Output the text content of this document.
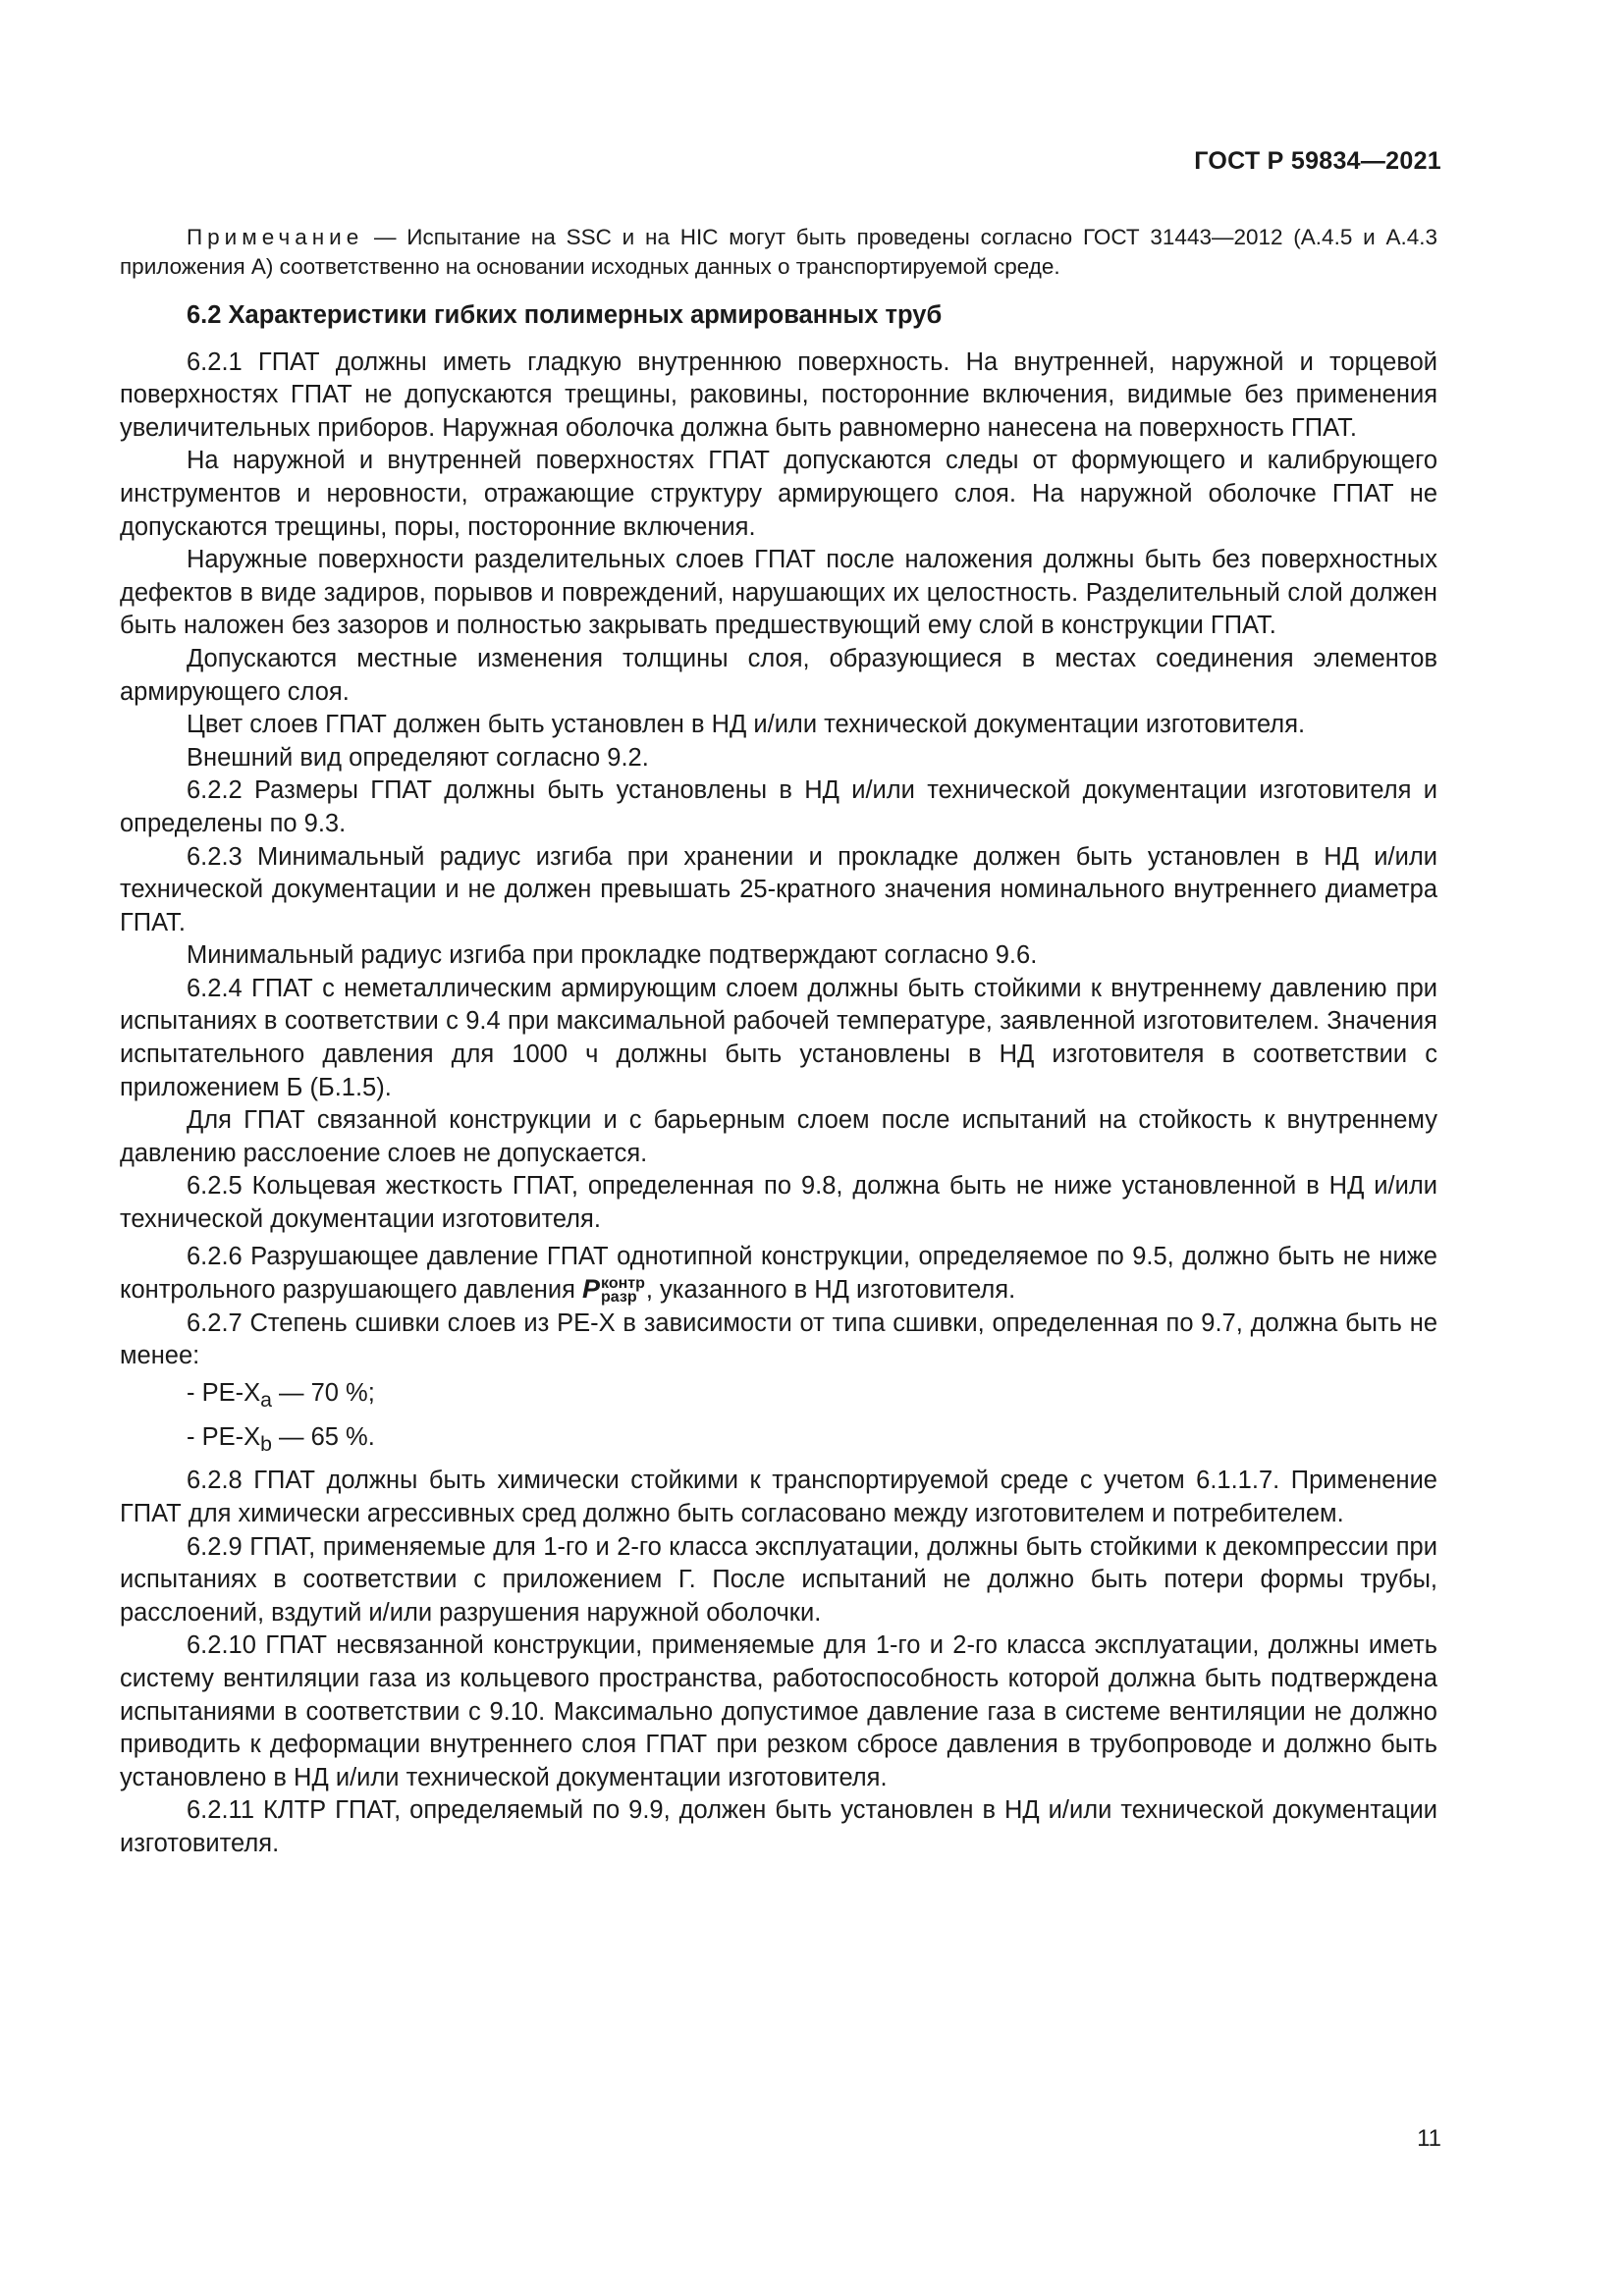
ГОСТ Р 59834—2021
Примечание — Испытание на SSC и на HIC могут быть проведены согласно ГОСТ 31443—2012 (А.4.5 и А.4.3 приложения А) соответственно на основании исходных данных о транспортируемой среде.
6.2 Характеристики гибких полимерных армированных труб

6.2.1 ГПАТ должны иметь гладкую внутреннюю поверхность. На внутренней, наружной и торцевой поверхностях ГПАТ не допускаются трещины, раковины, посторонние включения, видимые без применения увеличительных приборов. Наружная оболочка должна быть равномерно нанесена на поверхность ГПАТ.

На наружной и внутренней поверхностях ГПАТ допускаются следы от формующего и калибрующего инструментов и неровности, отражающие структуру армирующего слоя. На наружной оболочке ГПАТ не допускаются трещины, поры, посторонние включения.

Наружные поверхности разделительных слоев ГПАТ после наложения должны быть без поверхностных дефектов в виде задиров, порывов и повреждений, нарушающих их целостность. Разделительный слой должен быть наложен без зазоров и полностью закрывать предшествующий ему слой в конструкции ГПАТ.

Допускаются местные изменения толщины слоя, образующиеся в местах соединения элементов армирующего слоя.

Цвет слоев ГПАТ должен быть установлен в НД и/или технической документации изготовителя.

Внешний вид определяют согласно 9.2.

6.2.2 Размеры ГПАТ должны быть установлены в НД и/или технической документации изготовителя и определены по 9.3.

6.2.3 Минимальный радиус изгиба при хранении и прокладке должен быть установлен в НД и/или технической документации и не должен превышать 25-кратного значения номинального внутреннего диаметра ГПАТ.

Минимальный радиус изгиба при прокладке подтверждают согласно 9.6.

6.2.4 ГПАТ с неметаллическим армирующим слоем должны быть стойкими к внутреннему давлению при испытаниях в соответствии с 9.4 при максимальной рабочей температуре, заявленной изготовителем. Значения испытательного давления для 1000 ч должны быть установлены в НД изготовителя в соответствии с приложением Б (Б.1.5).

Для ГПАТ связанной конструкции и с барьерным слоем после испытаний на стойкость к внутреннему давлению расслоение слоев не допускается.

6.2.5 Кольцевая жесткость ГПАТ, определенная по 9.8, должна быть не ниже установленной в НД и/или технической документации изготовителя.

6.2.6 Разрушающее давление ГПАТ однотипной конструкции, определяемое по 9.5, должно быть не ниже контрольного разрушающего давления P контр
разр , указанного в НД изготовителя.

6.2.7 Степень сшивки слоев из PE-X в зависимости от типа сшивки, определенная по 9.7, должна быть не менее:

- $PE-X_a$ — 70 %;

- $PE-X_b$ — 65 %.

6.2.8 ГПАТ должны быть химически стойкими к транспортируемой среде с учетом 6.1.1.7. Применение ГПАТ для химически агрессивных сред должно быть согласовано между изготовителем и потребителем.

6.2.9 ГПАТ, применяемые для 1-го и 2-го класса эксплуатации, должны быть стойкими к декомпрессии при испытаниях в соответствии с приложением Г. После испытаний не должно быть потери формы трубы, расслоений, вздутий и/или разрушения наружной оболочки.

6.2.10 ГПАТ несвязанной конструкции, применяемые для 1-го и 2-го класса эксплуатации, должны иметь систему вентиляции газа из кольцевого пространства, работоспособность которой должна быть подтверждена испытаниями в соответствии с 9.10. Максимально допустимое давление газа в системе вентиляции не должно приводить к деформации внутреннего слоя ГПАТ при резком сбросе давления в трубопроводе и должно быть установлено в НД и/или технической документации изготовителя.

6.2.11 КЛТР ГПАТ, определяемый по 9.9, должен быть установлен в НД и/или технической документации изготовителя.

11
